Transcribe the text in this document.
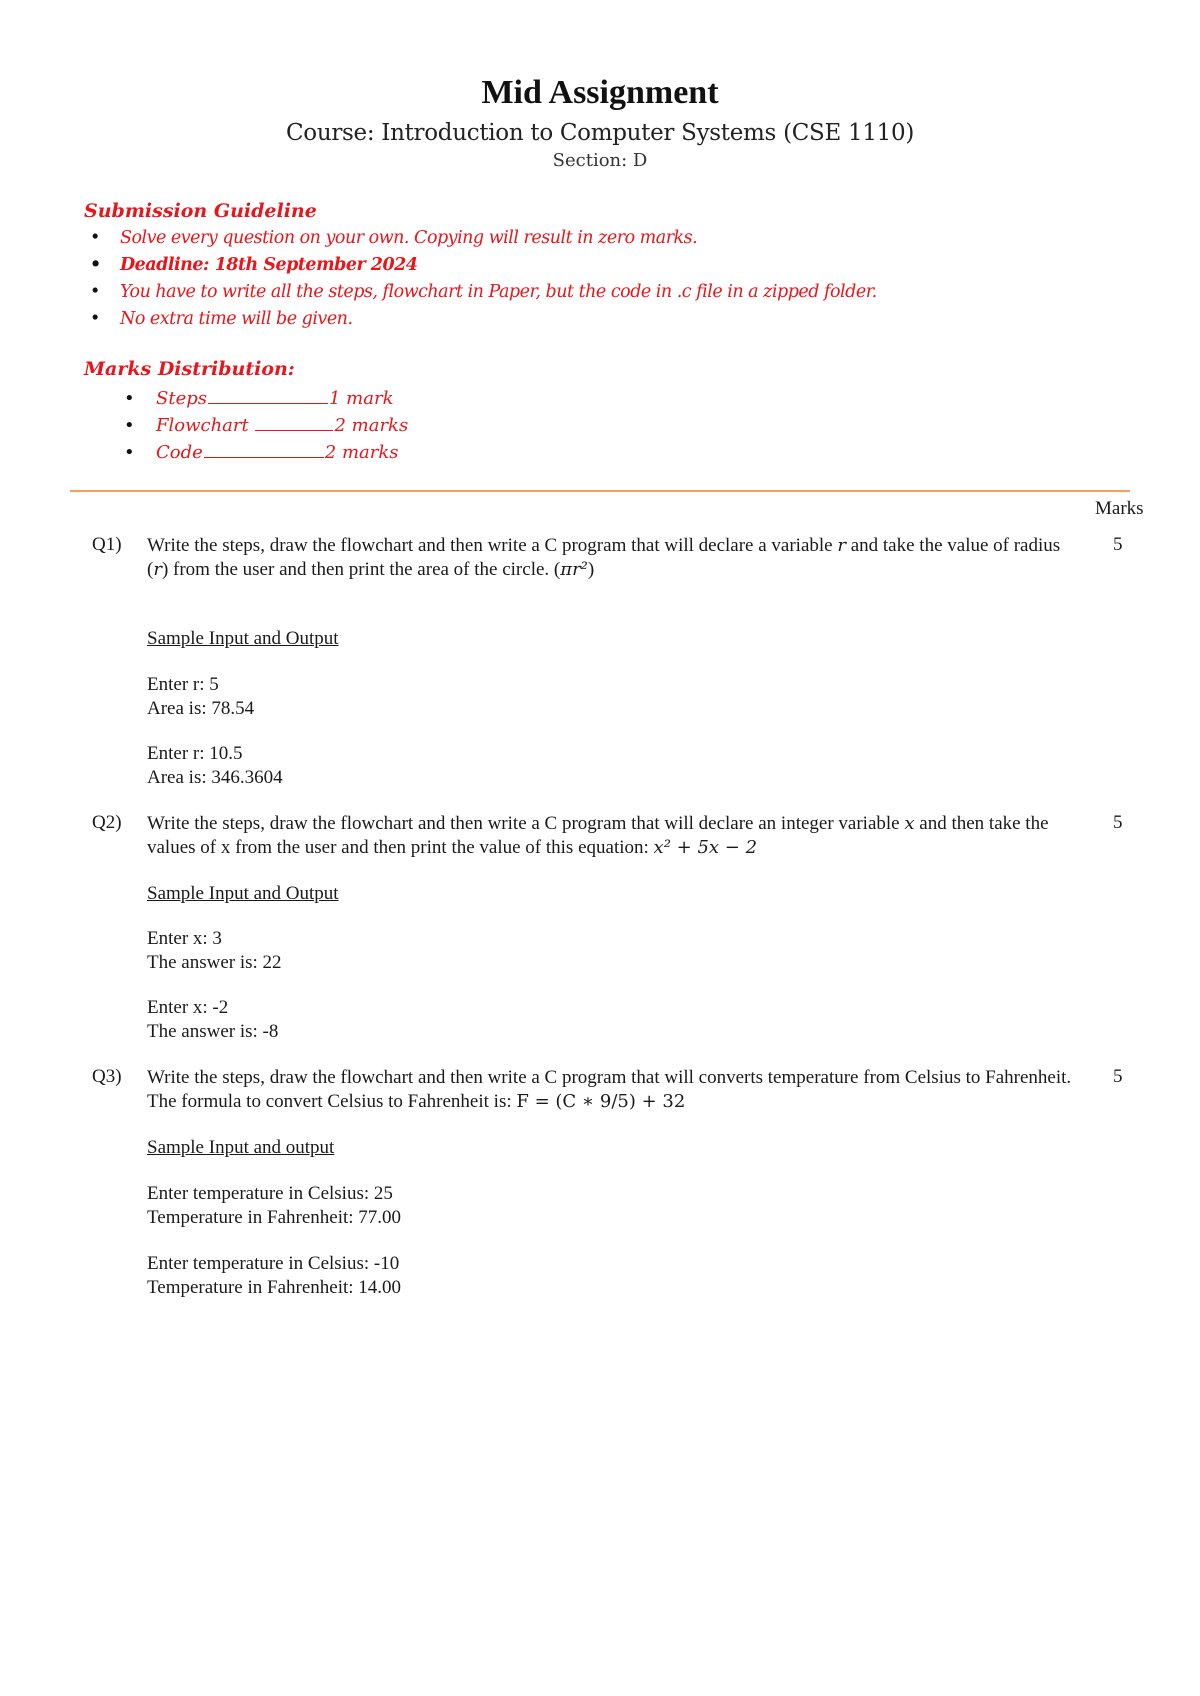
Mid Assignment
Course: Introduction to Computer Systems (CSE 1110)
Section: D
Submission Guideline
• Solve every question on your own. Copying will result in zero marks.
• Deadline: 18th September 2024
• You have to write all the steps, flowchart in Paper, but the code in .c file in a zipped folder.
• No extra time will be given.
Marks Distribution:
• Steps	1 mark
• Flowchart	2 marks
• Code	2 marks
Marks
Q1) Write the steps, draw the flowchart and then write a C program that will declare a variable r and take the value of radius (r) from the user and then print the area of the circle. (πr²)
5
Sample Input and Output
Enter r: 5
Area is: 78.54
Enter r: 10.5
Area is: 346.3604
Q2) Write the steps, draw the flowchart and then write a C program that will declare an integer variable x and then take the values of x from the user and then print the value of this equation: x² + 5x − 2
5
Sample Input and Output
Enter x: 3
The answer is: 22
Enter x: -2
The answer is: -8
Q3) Write the steps, draw the flowchart and then write a C program that will converts temperature from Celsius to Fahrenheit. The formula to convert Celsius to Fahrenheit is: F = (C ∗ 9/5) + 32
5
Sample Input and output
Enter temperature in Celsius: 25
Temperature in Fahrenheit: 77.00
Enter temperature in Celsius: -10
Temperature in Fahrenheit: 14.00
